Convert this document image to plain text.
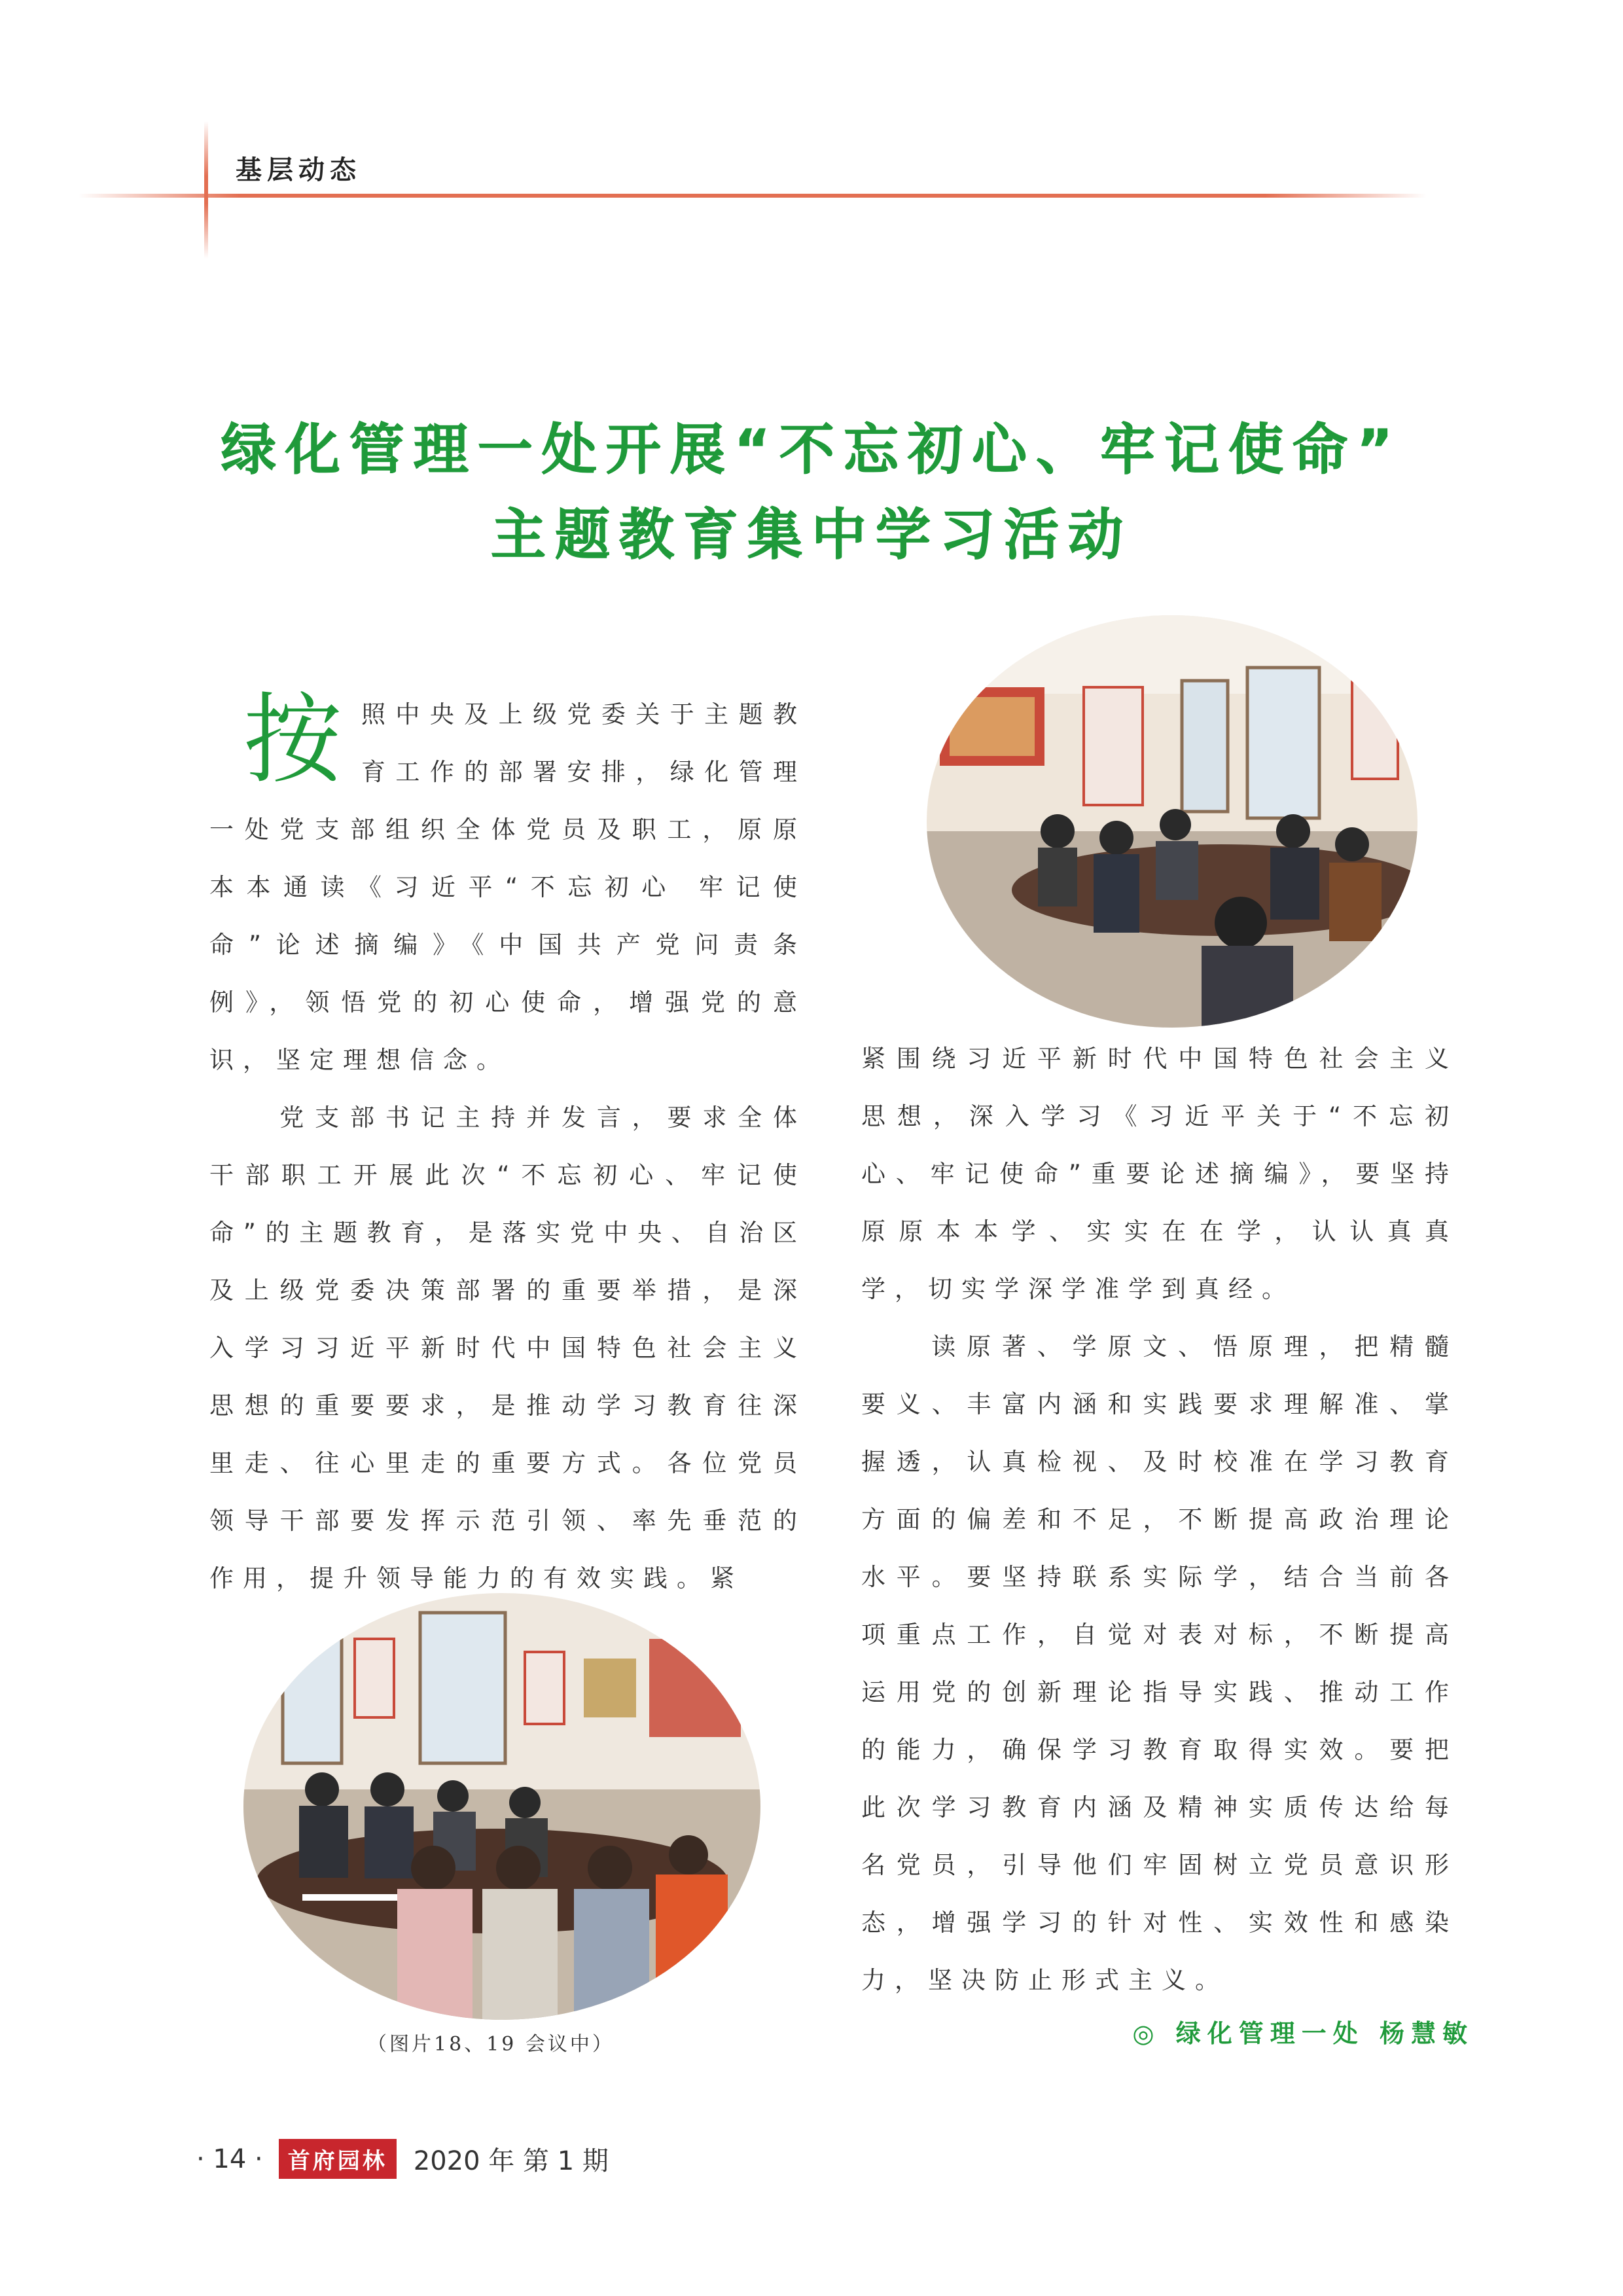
基层动态
绿化管理一处开展“不忘初心、牢记使命”
主题教育集中学习活动
按 照中央及上级党委关于主题教育工作的部署安排，绿化管理一处党支部组织全体党员及职工，原原本本通读《习近平“不忘初心 牢记使命”论述摘编》《中国共产党问责条例》，领悟党的初心使命，增强党的意识，坚定理想信念。

党支部书记主持并发言，要求全体干部职工开展此次“不忘初心、牢记使命”的主题教育，是落实党中央、自治区及上级党委决策部署的重要举措，是深入学习习近平新时代中国特色社会主义思想的重要要求，是推动学习教育往深里走、往心里走的重要方式。各位党员领导干部要发挥示范引领、率先垂范的作用，提升领导能力的有效实践。紧

紧围绕习近平新时代中国特色社会主义思想，深入学习《习近平关于“不忘初心、牢记使命”重要论述摘编》，要坚持原原本本学、实实在在学，认认真真学，切实学深学准学到真经。

读原著、学原文、悟原理，把精髓要义、丰富内涵和实践要求理解准、掌握透，认真检视、及时校准在学习教育方面的偏差和不足，不断提高政治理论水平。要坚持联系实际学，结合当前各项重点工作，自觉对表对标，不断提高运用党的创新理论指导实践、推动工作的能力，确保学习教育取得实效。要把此次学习教育内涵及精神实质传达给每名党员，引导他们牢固树立党员意识形态，增强学习的针对性、实效性和感染力，坚决防止形式主义。

（图片18、19 会议中）	◎ 绿化管理一处 杨慧敏
· 14 ·	首府园林	2020 年 第 1 期
